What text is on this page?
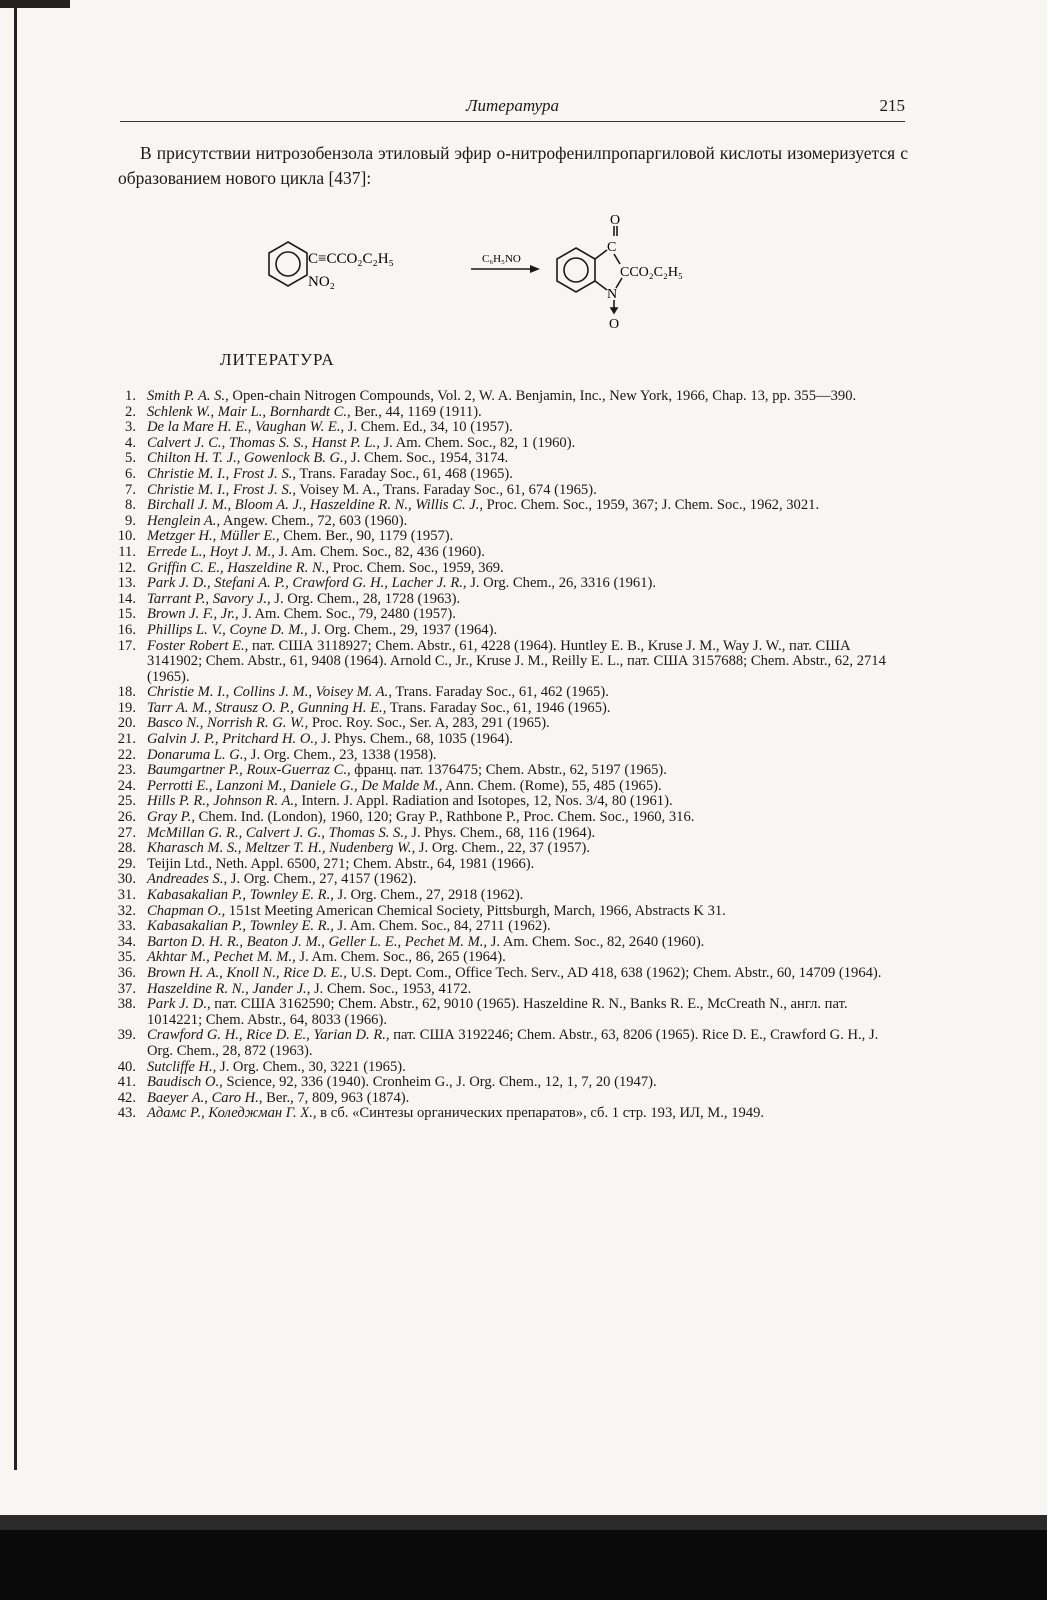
Литература	215
В присутствии нитрозобензола этиловый эфир о-нитрофенилпропаргиловой кислоты изомеризуется с образованием нового цикла [437]:
C≡CCO₂C₂H₅
NO₂
C₆H₅NO
O
C
CCO₂C₂H₅
N
O
ЛИТЕРАТУРА
1. Smith P. A. S., Open-chain Nitrogen Compounds, Vol. 2, W. A. Benjamin, Inc., New York, 1966, Chap. 13, pp. 355—390.
2. Schlenk W., Mair L., Bornhardt C., Ber., 44, 1169 (1911).
3. De la Mare H. E., Vaughan W. E., J. Chem. Ed., 34, 10 (1957).
4. Calvert J. C., Thomas S. S., Hanst P. L., J. Am. Chem. Soc., 82, 1 (1960).
5. Chilton H. T. J., Gowenlock B. G., J. Chem. Soc., 1954, 3174.
6. Christie M. I., Frost J. S., Trans. Faraday Soc., 61, 468 (1965).
7. Christie M. I., Frost J. S., Voisey M. A., Trans. Faraday Soc., 61, 674 (1965).
8. Birchall J. M., Bloom A. J., Haszeldine R. N., Willis C. J., Proc. Chem. Soc., 1959, 367; J. Chem. Soc., 1962, 3021.
9. Henglein A., Angew. Chem., 72, 603 (1960).
10. Metzger H., Müller E., Chem. Ber., 90, 1179 (1957).
11. Errede L., Hoyt J. M., J. Am. Chem. Soc., 82, 436 (1960).
12. Griffin C. E., Haszeldine R. N., Proc. Chem. Soc., 1959, 369.
13. Park J. D., Stefani A. P., Crawford G. H., Lacher J. R., J. Org. Chem., 26, 3316 (1961).
14. Tarrant P., Savory J., J. Org. Chem., 28, 1728 (1963).
15. Brown J. F., Jr., J. Am. Chem. Soc., 79, 2480 (1957).
16. Phillips L. V., Coyne D. M., J. Org. Chem., 29, 1937 (1964).
17. Foster Robert E., пат. США 3118927; Chem. Abstr., 61, 4228 (1964). Huntley E. B., Kruse J. M., Way J. W., пат. США 3141902; Chem. Abstr., 61, 9408 (1964). Arnold C., Jr., Kruse J. M., Reilly E. L., пат. США 3157688; Chem. Abstr., 62, 2714 (1965).
18. Christie M. I., Collins J. M., Voisey M. A., Trans. Faraday Soc., 61, 462 (1965).
19. Tarr A. M., Strausz O. P., Gunning H. E., Trans. Faraday Soc., 61, 1946 (1965).
20. Basco N., Norrish R. G. W., Proc. Roy. Soc., Ser. A, 283, 291 (1965).
21. Galvin J. P., Pritchard H. O., J. Phys. Chem., 68, 1035 (1964).
22. Donaruma L. G., J. Org. Chem., 23, 1338 (1958).
23. Baumgartner P., Roux-Guerraz C., франц. пат. 1376475; Chem. Abstr., 62, 5197 (1965).
24. Perrotti E., Lanzoni M., Daniele G., De Malde M., Ann. Chem. (Rome), 55, 485 (1965).
25. Hills P. R., Johnson R. A., Intern. J. Appl. Radiation and Isotopes, 12, Nos. 3/4, 80 (1961).
26. Gray P., Chem. Ind. (London), 1960, 120; Gray P., Rathbone P., Proc. Chem. Soc., 1960, 316.
27. McMillan G. R., Calvert J. G., Thomas S. S., J. Phys. Chem., 68, 116 (1964).
28. Kharasch M. S., Meltzer T. H., Nudenberg W., J. Org. Chem., 22, 37 (1957).
29. Teijin Ltd., Neth. Appl. 6500, 271; Chem. Abstr., 64, 1981 (1966).
30. Andreades S., J. Org. Chem., 27, 4157 (1962).
31. Kabasakalian P., Townley E. R., J. Org. Chem., 27, 2918 (1962).
32. Chapman O., 151st Meeting American Chemical Society, Pittsburgh, March, 1966, Abstracts K 31.
33. Kabasakalian P., Townley E. R., J. Am. Chem. Soc., 84, 2711 (1962).
34. Barton D. H. R., Beaton J. M., Geller L. E., Pechet M. M., J. Am. Chem. Soc., 82, 2640 (1960).
35. Akhtar M., Pechet M. M., J. Am. Chem. Soc., 86, 265 (1964).
36. Brown H. A., Knoll N., Rice D. E., U.S. Dept. Com., Office Tech. Serv., AD 418, 638 (1962); Chem. Abstr., 60, 14709 (1964).
37. Haszeldine R. N., Jander J., J. Chem. Soc., 1953, 4172.
38. Park J. D., пат. США 3162590; Chem. Abstr., 62, 9010 (1965). Haszeldine R. N., Banks R. E., McCreath N., англ. пат. 1014221; Chem. Abstr., 64, 8033 (1966).
39. Crawford G. H., Rice D. E., Yarian D. R., пат. США 3192246; Chem. Abstr., 63, 8206 (1965). Rice D. E., Crawford G. H., J. Org. Chem., 28, 872 (1963).
40. Sutcliffe H., J. Org. Chem., 30, 3221 (1965).
41. Baudisch O., Science, 92, 336 (1940). Cronheim G., J. Org. Chem., 12, 1, 7, 20 (1947).
42. Baeyer A., Caro H., Ber., 7, 809, 963 (1874).
43. Адамс Р., Коледжман Г. Х., в сб. «Синтезы органических препаратов», сб. 1 стр. 193, ИЛ, М., 1949.
